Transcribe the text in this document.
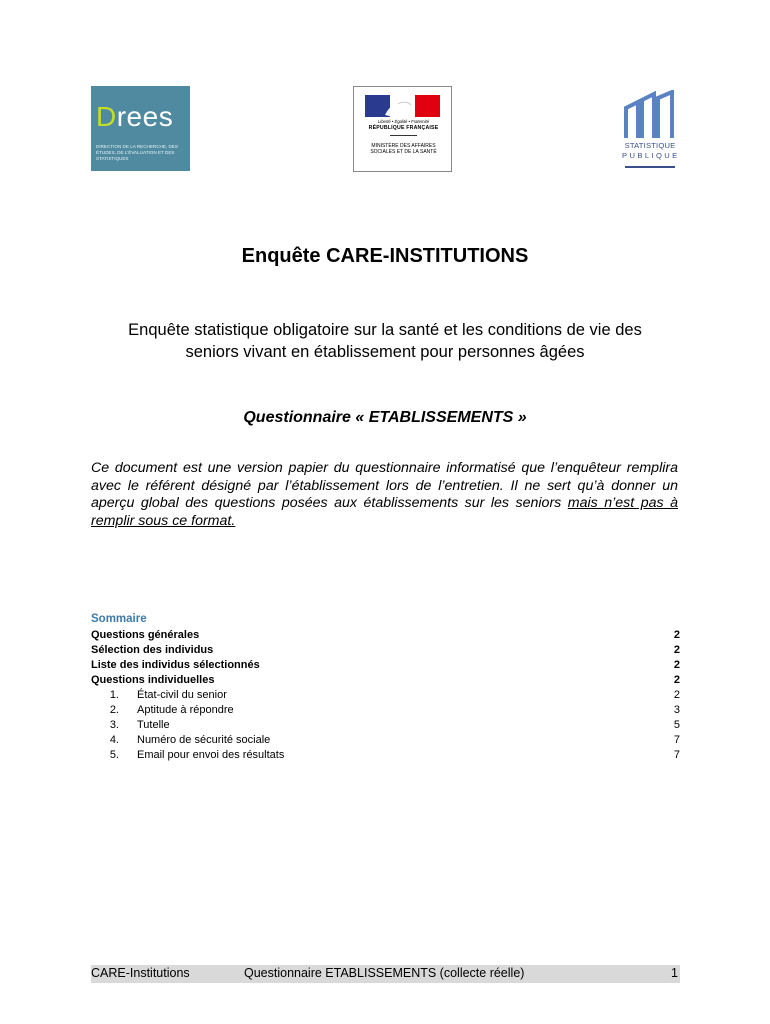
Drees
DIRECTION DE LA RECHERCHE, DES ÉTUDES, DE L'ÉVALUATION ET DES STATISTIQUES
Liberté • Égalité • Fraternité
RÉPUBLIQUE FRANÇAISE
MINISTÈRE DES AFFAIRES SOCIALES ET DE LA SANTÉ
STATISTIQUE
PUBLIQUE
Enquête CARE-INSTITUTIONS
Enquête statistique obligatoire sur la santé et les conditions de vie des seniors vivant en établissement pour personnes âgées
Questionnaire « ETABLISSEMENTS »
Ce document est une version papier du questionnaire informatisé que l’enquêteur remplira avec le référent désigné par l’établissement lors de l’entretien. Il ne sert qu’à donner un aperçu global des questions posées aux établissements sur les seniors mais n’est pas à remplir sous ce format.
Sommaire
Questions générales	2
Sélection des individus	2
Liste des individus sélectionnés	2
Questions individuelles	2
1. État-civil du senior	2
2. Aptitude à répondre	3
3. Tutelle	5
4. Numéro de sécurité sociale	7
5. Email pour envoi des résultats	7
CARE-Institutions	Questionnaire ETABLISSEMENTS (collecte réelle)	1
